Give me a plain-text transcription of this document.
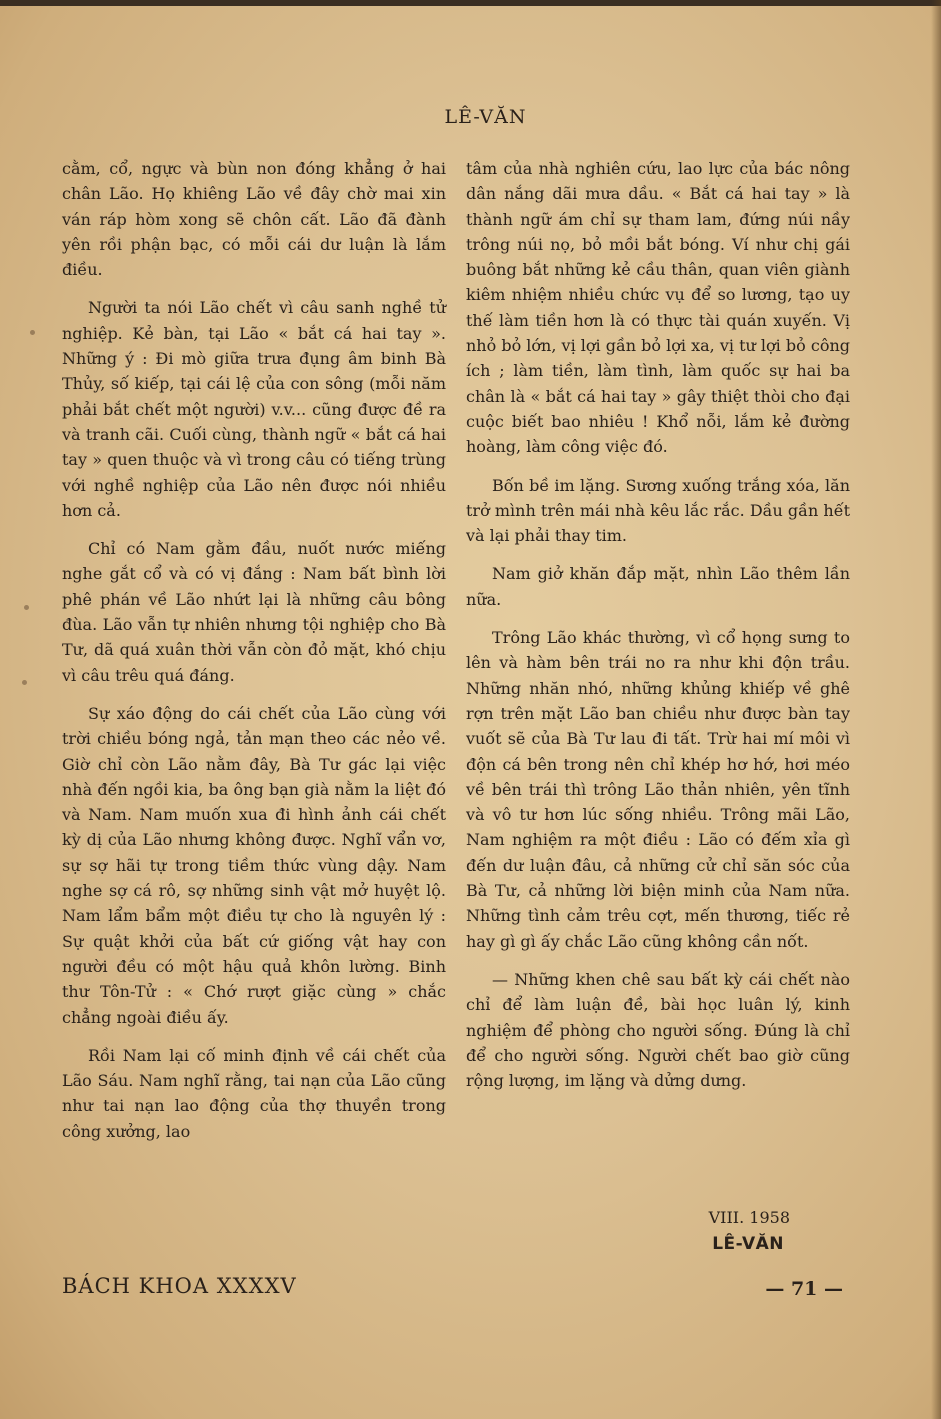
LÊ-VĂN

cằm, cổ, ngực và bùn non đóng khẳng ở hai chân Lão. Họ khiêng Lão về đây chờ mai xin ván ráp hòm xong sẽ chôn cất. Lão đã đành yên rồi phận bạc, có mỗi cái dư luận là lắm điều.

Người ta nói Lão chết vì câu sanh nghề tử nghiệp. Kẻ bàn, tại Lão « bắt cá hai tay ». Những ý : Đi mò giữa trưa đụng âm binh Bà Thủy, số kiếp, tại cái lệ của con sông (mỗi năm phải bắt chết một người) v.v... cũng được đề ra và tranh cãi. Cuối cùng, thành ngữ « bắt cá hai tay » quen thuộc và vì trong câu có tiếng trùng với nghề nghiệp của Lão nên được nói nhiều hơn cả.

Chỉ có Nam gằm đầu, nuốt nước miếng nghe gắt cổ và có vị đắng : Nam bất bình lời phê phán về Lão nhứt lại là những câu bông đùa. Lão vẫn tự nhiên nhưng tội nghiệp cho Bà Tư, dã quá xuân thời vẫn còn đỏ mặt, khó chịu vì câu trêu quá đáng.

Sự xáo động do cái chết của Lão cùng với trời chiều bóng ngả, tản mạn theo các nẻo về. Giờ chỉ còn Lão nằm đây, Bà Tư gác lại việc nhà đến ngồi kia, ba ông bạn già nằm la liệt đó và Nam. Nam muốn xua đi hình ảnh cái chết kỳ dị của Lão nhưng không được. Nghĩ vẩn vơ, sự sợ hãi tự trong tiềm thức vùng dậy. Nam nghe sợ cá rô, sợ những sinh vật mở huyệt lộ. Nam lẩm bẩm một điều tự cho là nguyên lý : Sự quật khởi của bất cứ giống vật hay con người đều có một hậu quả khôn lường. Binh thư Tôn-Tử : « Chớ rượt giặc cùng » chắc chẳng ngoài điều ấy.

Rồi Nam lại cố minh định về cái chết của Lão Sáu. Nam nghĩ rằng, tai nạn của Lão cũng như tai nạn lao động của thợ thuyền trong công xưởng, lao

tâm của nhà nghiên cứu, lao lực của bác nông dân nắng dãi mưa dầu. « Bắt cá hai tay » là thành ngữ ám chỉ sự tham lam, đứng núi nầy trông núi nọ, bỏ mồi bắt bóng. Ví như chị gái buông bắt những kẻ cầu thân, quan viên giành kiêm nhiệm nhiều chức vụ để so lương, tạo uy thế làm tiền hơn là có thực tài quán xuyến. Vị nhỏ bỏ lớn, vị lợi gần bỏ lợi xa, vị tư lợi bỏ công ích ; làm tiền, làm tình, làm quốc sự hai ba chân là « bắt cá hai tay » gây thiệt thòi cho đại cuộc biết bao nhiêu ! Khổ nỗi, lắm kẻ đường hoàng, làm công việc đó.

Bốn bề im lặng. Sương xuống trắng xóa, lăn trở mình trên mái nhà kêu lắc rắc. Dầu gần hết và lại phải thay tim.

Nam giở khăn đắp mặt, nhìn Lão thêm lần nữa.

Trông Lão khác thường, vì cổ họng sưng to lên và hàm bên trái no ra như khi độn trầu. Những nhăn nhó, những khủng khiếp về ghê rợn trên mặt Lão ban chiều như được bàn tay vuốt sẽ của Bà Tư lau đi tất. Trừ hai mí môi vì độn cá bên trong nên chỉ khép hơ hớ, hơi méo về bên trái thì trông Lão thản nhiên, yên tĩnh và vô tư hơn lúc sống nhiều. Trông mãi Lão, Nam nghiệm ra một điều : Lão có đếm xỉa gì đến dư luận đâu, cả những cử chỉ săn sóc của Bà Tư, cả những lời biện minh của Nam nữa. Những tình cảm trêu cợt, mến thương, tiếc rẻ hay gì gì ấy chắc Lão cũng không cần nốt.

— Những khen chê sau bất kỳ cái chết nào chỉ để làm luận đề, bài học luân lý, kinh nghiệm để phòng cho người sống. Đúng là chỉ để cho người sống. Người chết bao giờ cũng rộng lượng, im lặng và dửng dưng.

VIII. 1958
LÊ-VĂN
BÁCH KHOA XXXXV	— 71 —
